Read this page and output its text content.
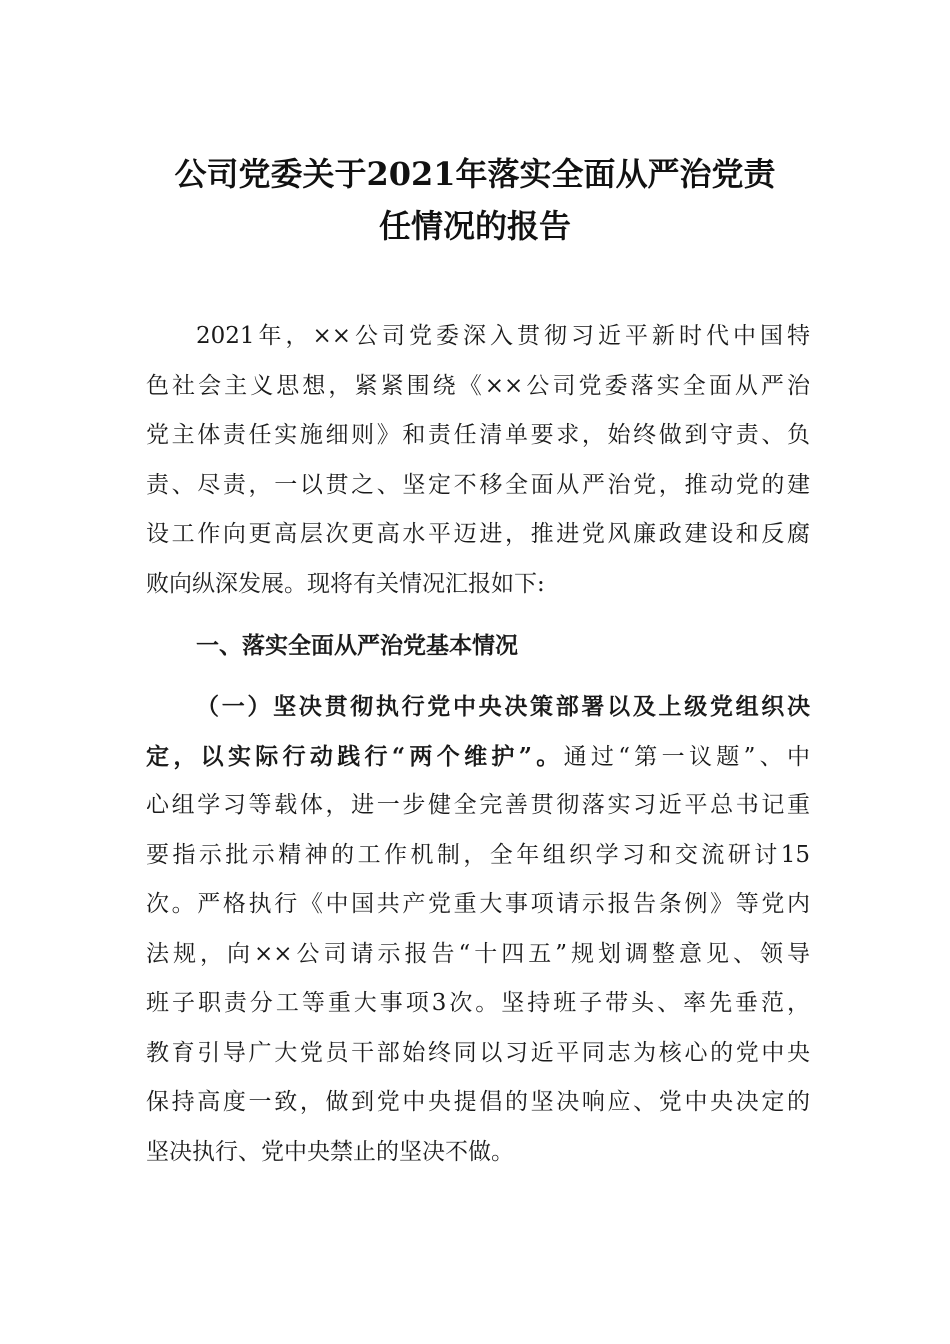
公司党委关于2021年落实全面从严治党责
任情况的报告
2021年，××公司党委深入贯彻习近平新时代中国特
色社会主义思想，紧紧围绕《××公司党委落实全面从严治
党主体责任实施细则》和责任清单要求，始终做到守责、负
责、尽责，一以贯之、坚定不移全面从严治党，推动党的建
设工作向更高层次更高水平迈进，推进党风廉政建设和反腐
败向纵深发展。现将有关情况汇报如下:
一、落实全面从严治党基本情况
（一）坚决贯彻执行党中央决策部署以及上级党组织决
定，以实际行动践行“两个维护”。通过“第一议题”、中
心组学习等载体，进一步健全完善贯彻落实习近平总书记重
要指示批示精神的工作机制，全年组织学习和交流研讨15
次。严格执行《中国共产党重大事项请示报告条例》等党内
法规，向××公司请示报告“十四五”规划调整意见、领导
班子职责分工等重大事项3次。坚持班子带头、率先垂范，
教育引导广大党员干部始终同以习近平同志为核心的党中央
保持高度一致，做到党中央提倡的坚决响应、党中央决定的
坚决执行、党中央禁止的坚决不做。
